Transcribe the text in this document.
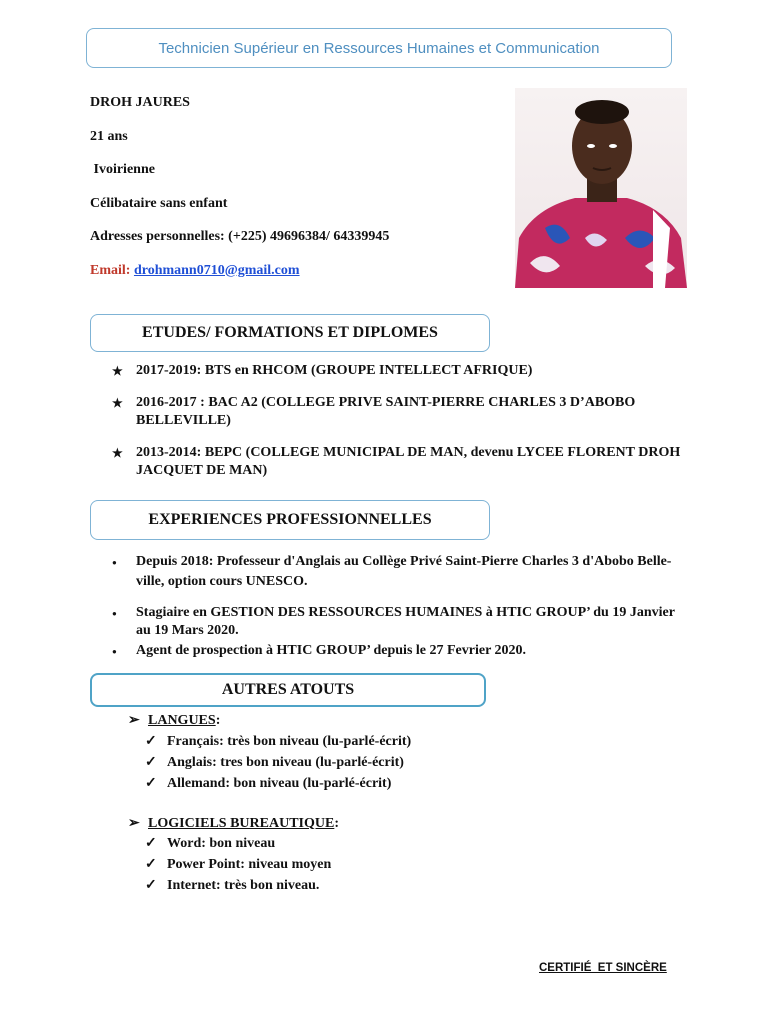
Technicien Supérieur en Ressources Humaines et Communication
DROH JAURES
21 ans
Ivoirienne
Célibataire sans enfant
Adresses personnelles: (+225) 49696384/ 64339945
Email: drohmann0710@gmail.com
ETUDES/ FORMATIONS ET DIPLOMES
★ 2017-2019: BTS en RHCOM (GROUPE INTELLECT AFRIQUE)
★ 2016-2017 : BAC A2 (COLLEGE PRIVE SAINT-PIERRE CHARLES 3 D’ABOBO BELLEVILLE)
★ 2013-2014: BEPC (COLLEGE MUNICIPAL DE MAN, devenu LYCEE FLORENT DROH JACQUET DE MAN)
EXPERIENCES PROFESSIONNELLES
● Depuis 2018: Professeur d'Anglais au Collège Privé Saint-Pierre Charles 3 d'Abobo Belle-ville, option cours UNESCO.
● Stagiaire en GESTION DES RESSOURCES HUMAINES à HTIC GROUP’ du 19 Janvier au 19 Mars 2020.
● Agent de prospection à HTIC GROUP’ depuis le 27 Fevrier 2020.
AUTRES ATOUTS
➢ LANGUES:
✓ Français: très bon niveau (lu-parlé-écrit)
✓ Anglais: tres bon niveau (lu-parlé-écrit)
✓ Allemand: bon niveau (lu-parlé-écrit)
➢ LOGICIELS BUREAUTIQUE:
✓ Word: bon niveau
✓ Power Point: niveau moyen
✓ Internet: très bon niveau.
CERTIFIÉ  ET SINCÈRE
